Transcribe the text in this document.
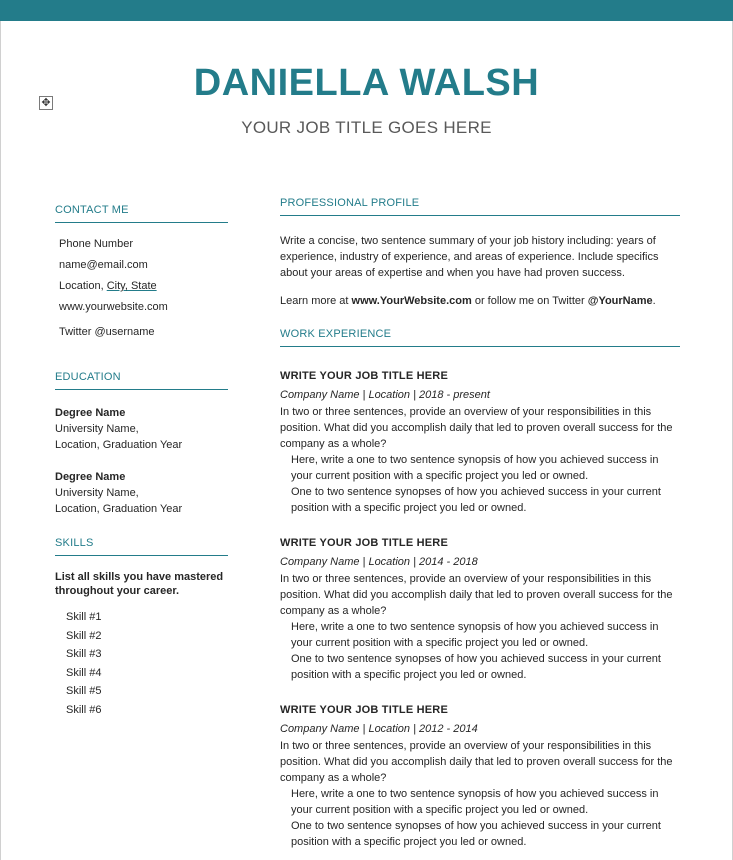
✥	DANIELLA WALSH
YOUR JOB TITLE GOES HERE
CONTACT ME
Phone Number
name@email.com
Location, City, State
www.yourwebsite.com
Twitter @username
EDUCATION
Degree Name
University Name,
Location, Graduation Year
Degree Name
University Name,
Location, Graduation Year
SKILLS
List all skills you have mastered throughout your career.
Skill #1
Skill #2
Skill #3
Skill #4
Skill #5
Skill #6
PROFESSIONAL PROFILE
Write a concise, two sentence summary of your job history including: years of experience, industry of experience, and areas of experience. Include specifics about your areas of expertise and when you have had proven success.
Learn more at www.YourWebsite.com or follow me on Twitter @YourName.
WORK EXPERIENCE
WRITE YOUR JOB TITLE HERE
Company Name | Location | 2018 - present
In two or three sentences, provide an overview of your responsibilities in this position. What did you accomplish daily that led to proven overall success for the company as a whole?
Here, write a one to two sentence synopsis of how you achieved success in your current position with a specific project you led or owned.
One to two sentence synopses of how you achieved success in your current position with a specific project you led or owned.
WRITE YOUR JOB TITLE HERE
Company Name | Location | 2014 - 2018
In two or three sentences, provide an overview of your responsibilities in this position. What did you accomplish daily that led to proven overall success for the company as a whole?
Here, write a one to two sentence synopsis of how you achieved success in your current position with a specific project you led or owned.
One to two sentence synopses of how you achieved success in your current position with a specific project you led or owned.
WRITE YOUR JOB TITLE HERE
Company Name | Location | 2012 - 2014
In two or three sentences, provide an overview of your responsibilities in this position. What did you accomplish daily that led to proven overall success for the company as a whole?
Here, write a one to two sentence synopsis of how you achieved success in your current position with a specific project you led or owned.
One to two sentence synopses of how you achieved success in your current position with a specific project you led or owned.
